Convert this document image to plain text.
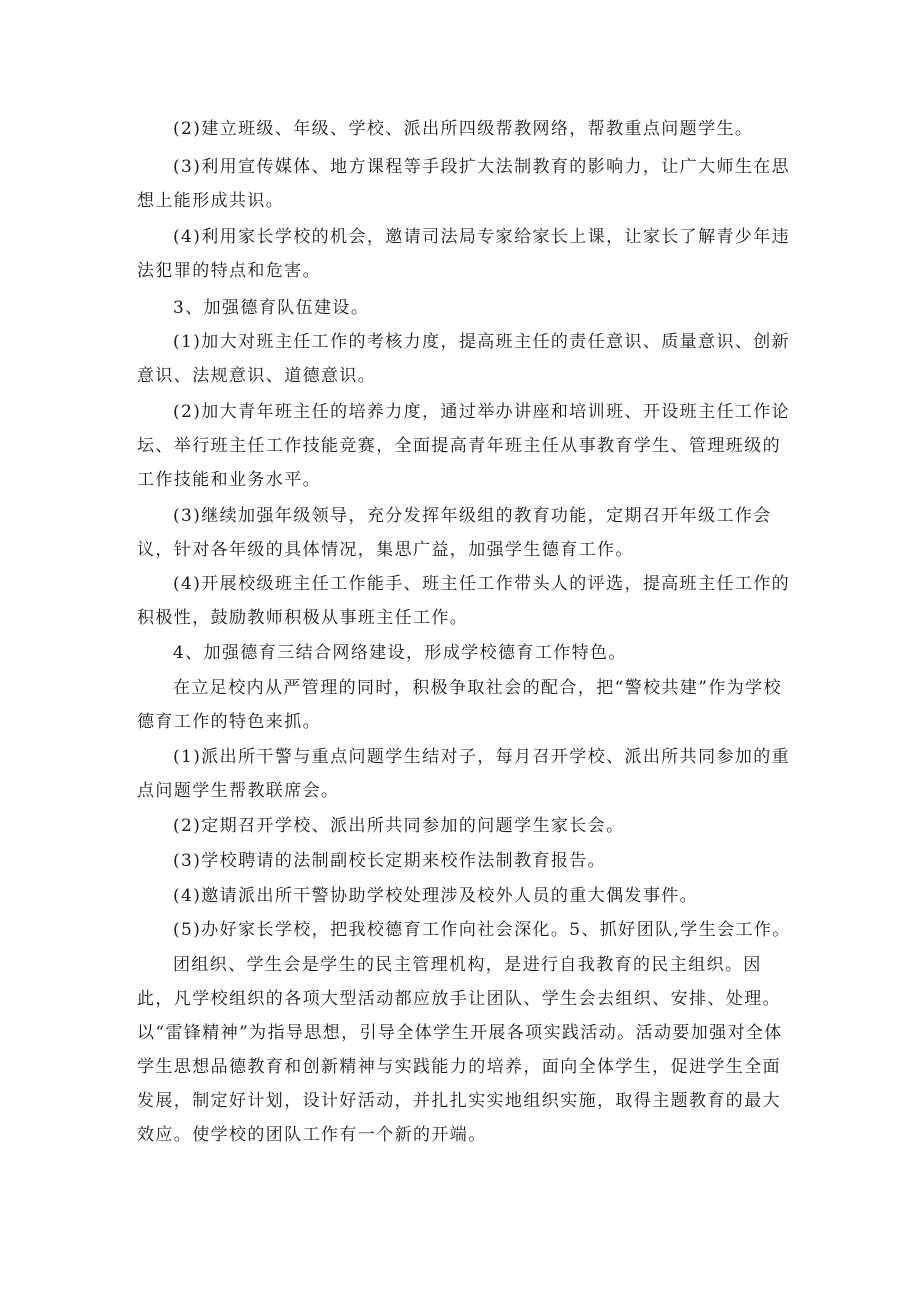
(2)建立班级、年级、学校、派出所四级帮教网络，帮教重点问题学生。

(3)利用宣传媒体、地方课程等手段扩大法制教育的影响力，让广大师生在思想上能形成共识。

(4)利用家长学校的机会，邀请司法局专家给家长上课，让家长了解青少年违法犯罪的特点和危害。

3、加强德育队伍建设。

(1)加大对班主任工作的考核力度，提高班主任的责任意识、质量意识、创新意识、法规意识、道德意识。

(2)加大青年班主任的培养力度，通过举办讲座和培训班、开设班主任工作论坛、举行班主任工作技能竞赛，全面提高青年班主任从事教育学生、管理班级的工作技能和业务水平。

(3)继续加强年级领导，充分发挥年级组的教育功能，定期召开年级工作会议，针对各年级的具体情况，集思广益，加强学生德育工作。

(4)开展校级班主任工作能手、班主任工作带头人的评选，提高班主任工作的积极性，鼓励教师积极从事班主任工作。

4、加强德育三结合网络建设，形成学校德育工作特色。

在立足校内从严管理的同时，积极争取社会的配合，把“警校共建”作为学校德育工作的特色来抓。

(1)派出所干警与重点问题学生结对子，每月召开学校、派出所共同参加的重点问题学生帮教联席会。

(2)定期召开学校、派出所共同参加的问题学生家长会。

(3)学校聘请的法制副校长定期来校作法制教育报告。

(4)邀请派出所干警协助学校处理涉及校外人员的重大偶发事件。

(5)办好家长学校，把我校德育工作向社会深化。5、抓好团队,学生会工作。

团组织、学生会是学生的民主管理机构，是进行自我教育的民主组织。因此，凡学校组织的各项大型活动都应放手让团队、学生会去组织、安排、处理。以“雷锋精神”为指导思想，引导全体学生开展各项实践活动。活动要加强对全体学生思想品德教育和创新精神与实践能力的培养，面向全体学生，促进学生全面发展，制定好计划，设计好活动，并扎扎实实地组织实施，取得主题教育的最大效应。使学校的团队工作有一个新的开端。
